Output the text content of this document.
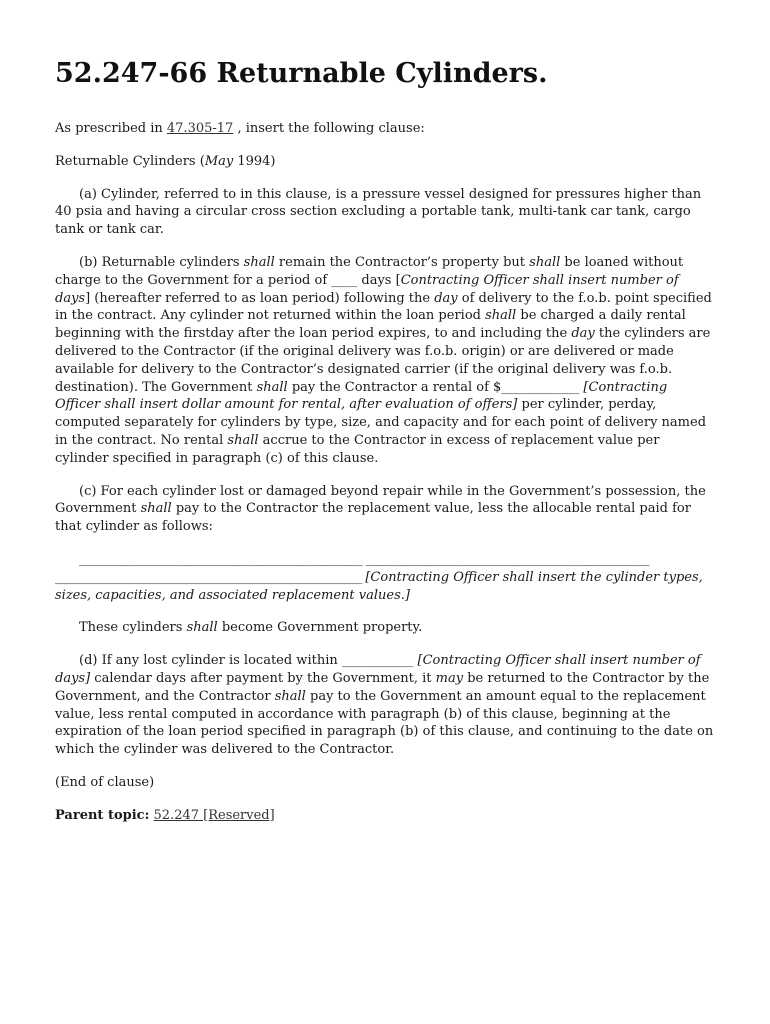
52.247-66 Returnable Cylinders.

As prescribed in 47.305-17 , insert the following clause:

Returnable Cylinders (May 1994)

(a) Cylinder, referred to in this clause, is a pressure vessel designed for pressures higher than 40 psia and having a circular cross section excluding a portable tank, multi-tank car tank, cargo tank or tank car.

(b) Returnable cylinders shall remain the Contractor’s property but shall be loaned without charge to the Government for a period of ____ days [Contracting Officer shall insert number of days] (hereafter referred to as loan period) following the day of delivery to the f.o.b. point specified in the contract. Any cylinder not returned within the loan period shall be charged a daily rental beginning with the firstday after the loan period expires, to and including the day the cylinders are delivered to the Contractor (if the original delivery was f.o.b. origin) or are delivered or made available for delivery to the Contractor’s designated carrier (if the original delivery was f.o.b. destination). The Government shall pay the Contractor a rental of $____________ [Contracting Officer shall insert dollar amount for rental, after evaluation of offers] per cylinder, perday, computed separately for cylinders by type, size, and capacity and for each point of delivery named in the contract. No rental shall accrue to the Contractor in excess of replacement value per cylinder specified in paragraph (c) of this clause.

(c) For each cylinder lost or damaged beyond repair while in the Government’s possession, the Government shall pay to the Contractor the replacement value, less the allocable rental paid for that cylinder as follows:

________________________________________________ ________________________________________________
____________________________________________________ [Contracting Officer shall insert the cylinder types, sizes, capacities, and associated replacement values.]

These cylinders shall become Government property.

(d) If any lost cylinder is located within ___________ [Contracting Officer shall insert number of days] calendar days after payment by the Government, it may be returned to the Contractor by the Government, and the Contractor shall pay to the Government an amount equal to the replacement value, less rental computed in accordance with paragraph (b) of this clause, beginning at the expiration of the loan period specified in paragraph (b) of this clause, and continuing to the date on which the cylinder was delivered to the Contractor.

(End of clause)

Parent topic: 52.247 [Reserved]
